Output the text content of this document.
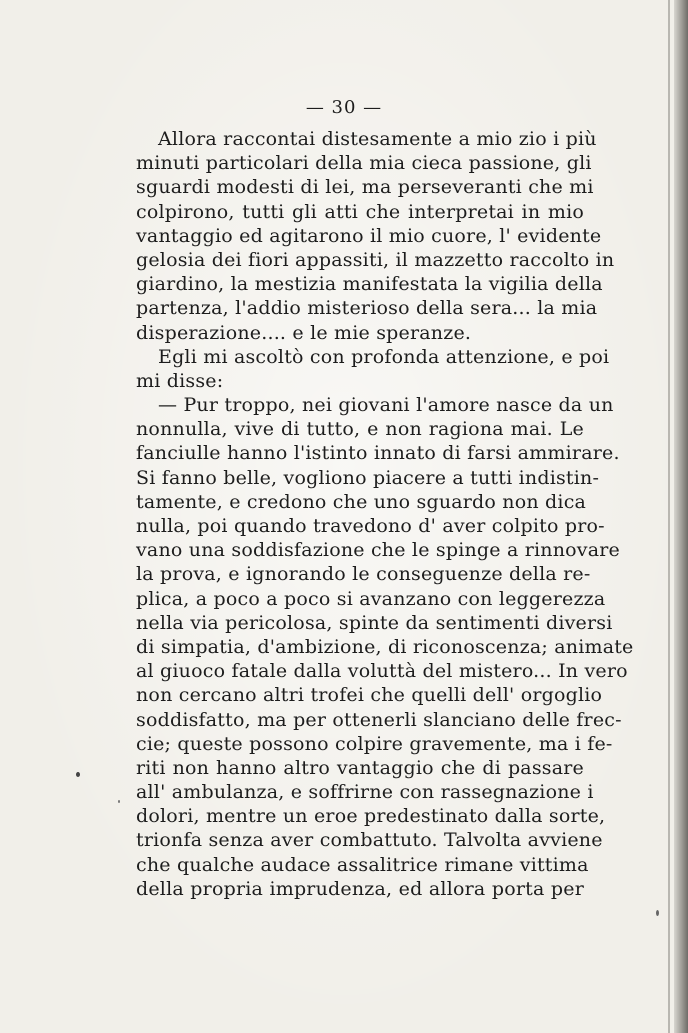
— 30 —
Allora raccontai distesamente a mio zio i più
minuti particolari della mia cieca passione, gli
sguardi modesti di lei, ma perseveranti che mi
colpirono, tutti gli atti che interpretai in mio
vantaggio ed agitarono il mio cuore, l' evidente
gelosia dei fiori appassiti, il mazzetto raccolto in
giardino, la mestizia manifestata la vigilia della
partenza, l'addio misterioso della sera... la mia
disperazione.... e le mie speranze.
Egli mi ascoltò con profonda attenzione, e poi
mi disse:
— Pur troppo, nei giovani l'amore nasce da un
nonnulla, vive di tutto, e non ragiona mai. Le
fanciulle hanno l'istinto innato di farsi ammirare.
Si fanno belle, vogliono piacere a tutti indistin-
tamente, e credono che uno sguardo non dica
nulla, poi quando travedono d' aver colpito pro-
vano una soddisfazione che le spinge a rinnovare
la prova, e ignorando le conseguenze della re-
plica, a poco a poco si avanzano con leggerezza
nella via pericolosa, spinte da sentimenti diversi
di simpatia, d'ambizione, di riconoscenza; animate
al giuoco fatale dalla voluttà del mistero... In vero
non cercano altri trofei che quelli dell' orgoglio
soddisfatto, ma per ottenerli slanciano delle frec-
cie; queste possono colpire gravemente, ma i fe-
riti non hanno altro vantaggio che di passare
all' ambulanza, e soffrirne con rassegnazione i
dolori, mentre un eroe predestinato dalla sorte,
trionfa senza aver combattuto. Talvolta avviene
che qualche audace assalitrice rimane vittima
della propria imprudenza, ed allora porta per
